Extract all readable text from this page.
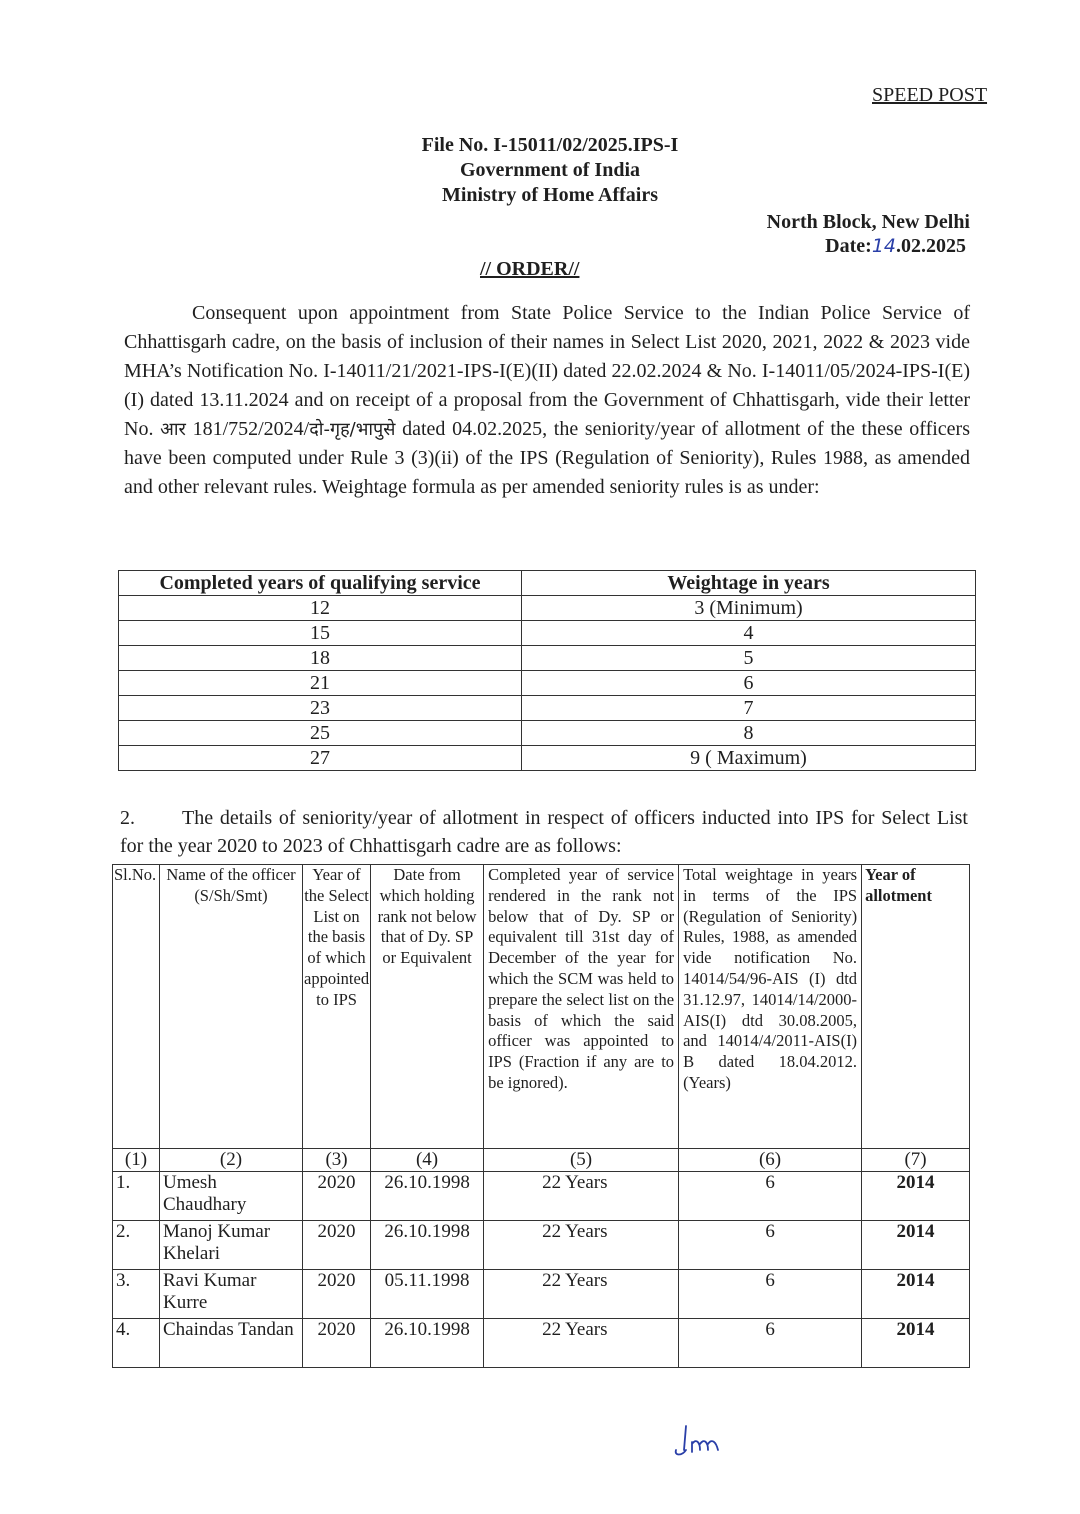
SPEED POST
File No. I-15011/02/2025.IPS-I
Government of India
Ministry of Home Affairs
North Block, New Delhi
Date:14.02.2025
// ORDER//
Consequent upon appointment from State Police Service to the Indian Police Service of Chhattisgarh cadre, on the basis of inclusion of their names in Select List 2020, 2021, 2022 & 2023 vide MHA’s Notification No. I-14011/21/2021-IPS-I(E)(II) dated 22.02.2024 & No. I-14011/05/2024-IPS-I(E)(I) dated 13.11.2024 and on receipt of a proposal from the Government of Chhattisgarh, vide their letter No. आर 181/752/2024/दो-गृह/भापुसे dated 04.02.2025, the seniority/year of allotment of the these officers have been computed under Rule 3 (3)(ii) of the IPS (Regulation of Seniority), Rules 1988, as amended and other relevant rules. Weightage formula as per amended seniority rules is as under:
Completed years of qualifying service	Weightage in years
12	3 (Minimum)
15	4
18	5
21	6
23	7
25	8
27	9 ( Maximum)
2. The details of seniority/year of allotment in respect of officers inducted into IPS for Select List for the year 2020 to 2023 of Chhattisgarh cadre are as follows:
Sl.No.	Name of the officer (S/Sh/Smt)	Year of the Select List on the basis of which appointed to IPS	Date from which holding rank not below that of Dy. SP or Equivalent	Completed year of service rendered in the rank not below that of Dy. SP or equivalent till 31st day of December of the year for which the SCM was held to prepare the select list on the basis of which the said officer was appointed to IPS (Fraction if any are to be ignored).	Total weightage in years in terms of the IPS (Regulation of Seniority) Rules, 1988, as amended vide notification No. 14014/54/96-AIS (I) dtd 31.12.97, 14014/14/2000-AIS(I) dtd 30.08.2005, and 14014/4/2011-AIS(I) B dated 18.04.2012. (Years)	Year of allotment
(1)	(2)	(3)	(4)	(5)	(6)	(7)
1.	Umesh Chaudhary	2020	26.10.1998	22 Years	6	2014
2.	Manoj Kumar Khelari	2020	26.10.1998	22 Years	6	2014
3.	Ravi Kumar Kurre	2020	05.11.1998	22 Years	6	2014
4.	Chaindas Tandan	2020	26.10.1998	22 Years	6	2014
